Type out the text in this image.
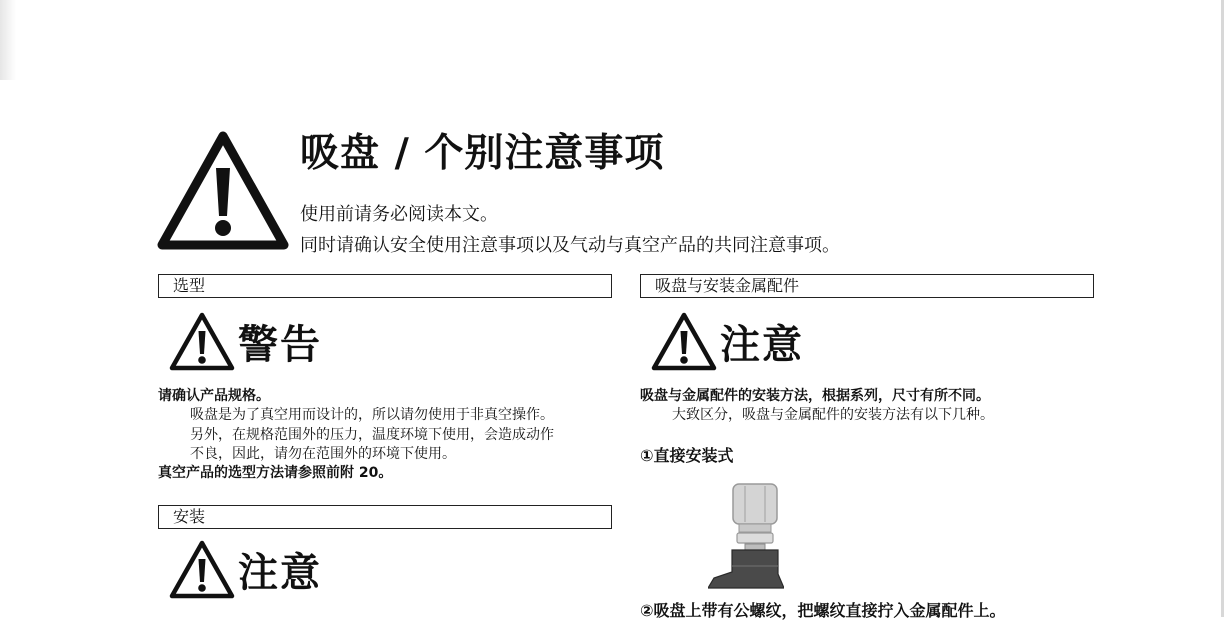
吸盘 / 个别注意事项
使用前请务必阅读本文。
同时请确认安全使用注意事项以及气动与真空产品的共同注意事项。
选型
警告
请确认产品规格。
吸盘是为了真空用而设计的，所以请勿使用于非真空操作。
另外，在规格范围外的压力，温度环境下使用，会造成动作
不良，因此，请勿在范围外的环境下使用。
真空产品的选型方法请参照前附 20。
安装
注意
吸盘与安装金属配件
注意
吸盘与金属配件的安装方法，根据系列，尺寸有所不同。
大致区分，吸盘与金属配件的安装方法有以下几种。
①直接安装式
②吸盘上带有公螺纹，把螺纹直接拧入金属配件上。
